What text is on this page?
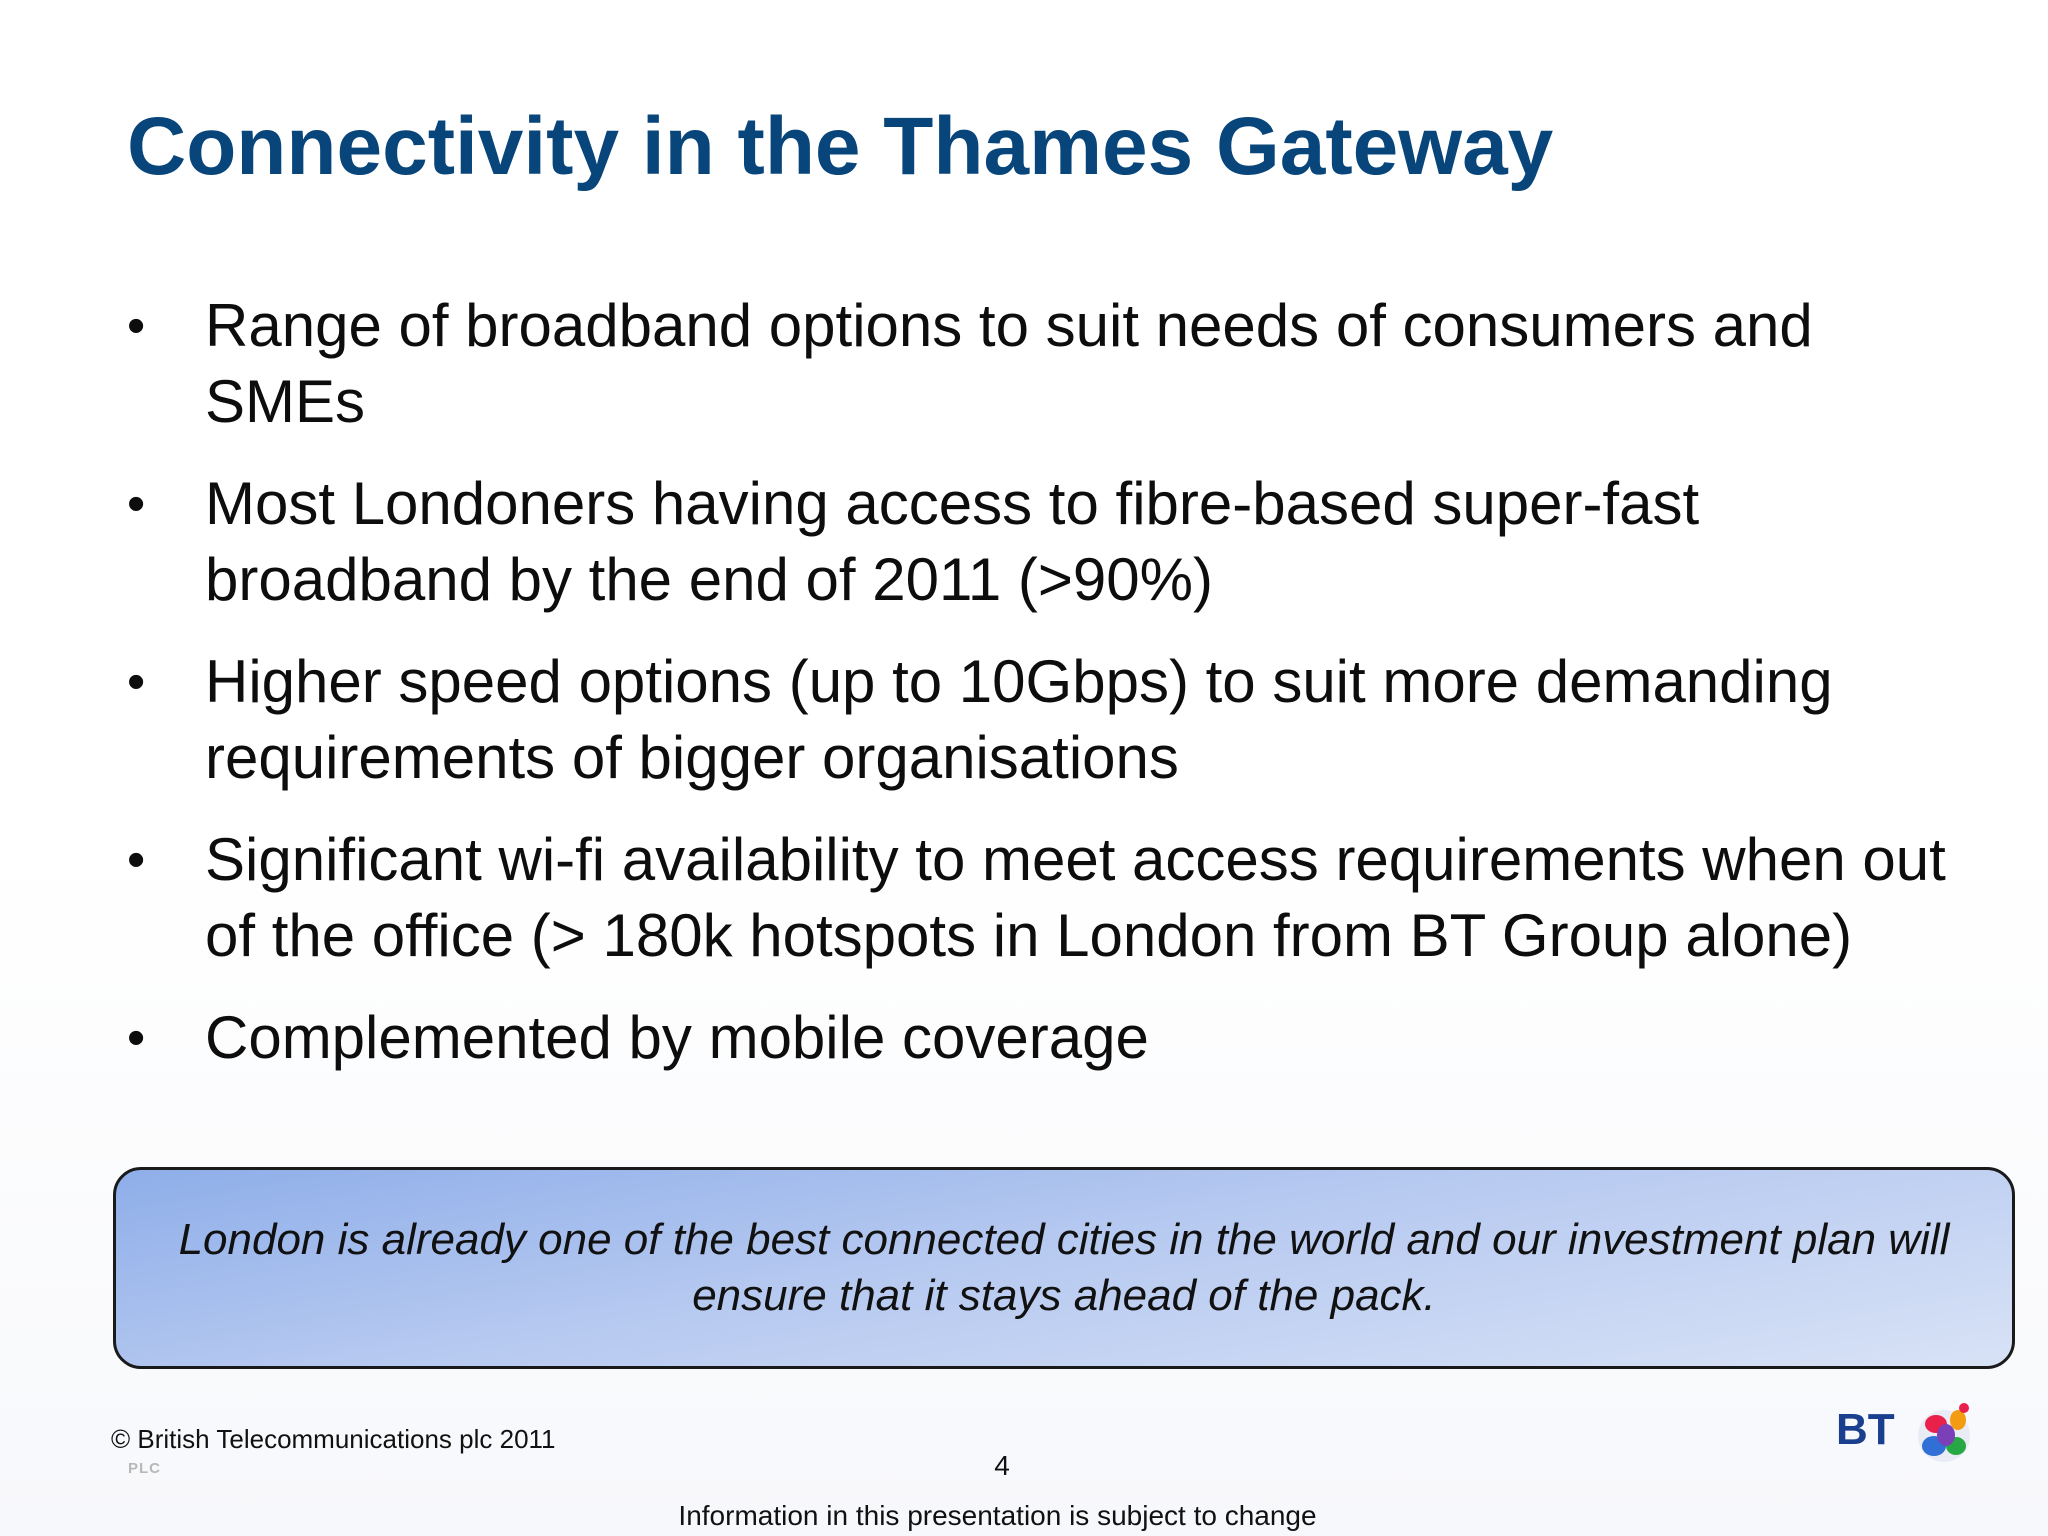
Connectivity in the Thames Gateway
• Range of broadband options to suit needs of consumers and SMEs
• Most Londoners having access to fibre-based super-fast broadband by the end of 2011 (>90%)
• Higher speed options (up to 10Gbps) to suit more demanding requirements of bigger organisations
• Significant wi-fi availability to meet access requirements when out of the office (> 180k hotspots in London from BT Group alone)
• Complemented by mobile coverage
London is already one of the best connected cities in the world and our investment plan will ensure that it stays ahead of the pack.
© British Telecommunications plc 2011
PLC	4
Information in this presentation is subject to change
BT
